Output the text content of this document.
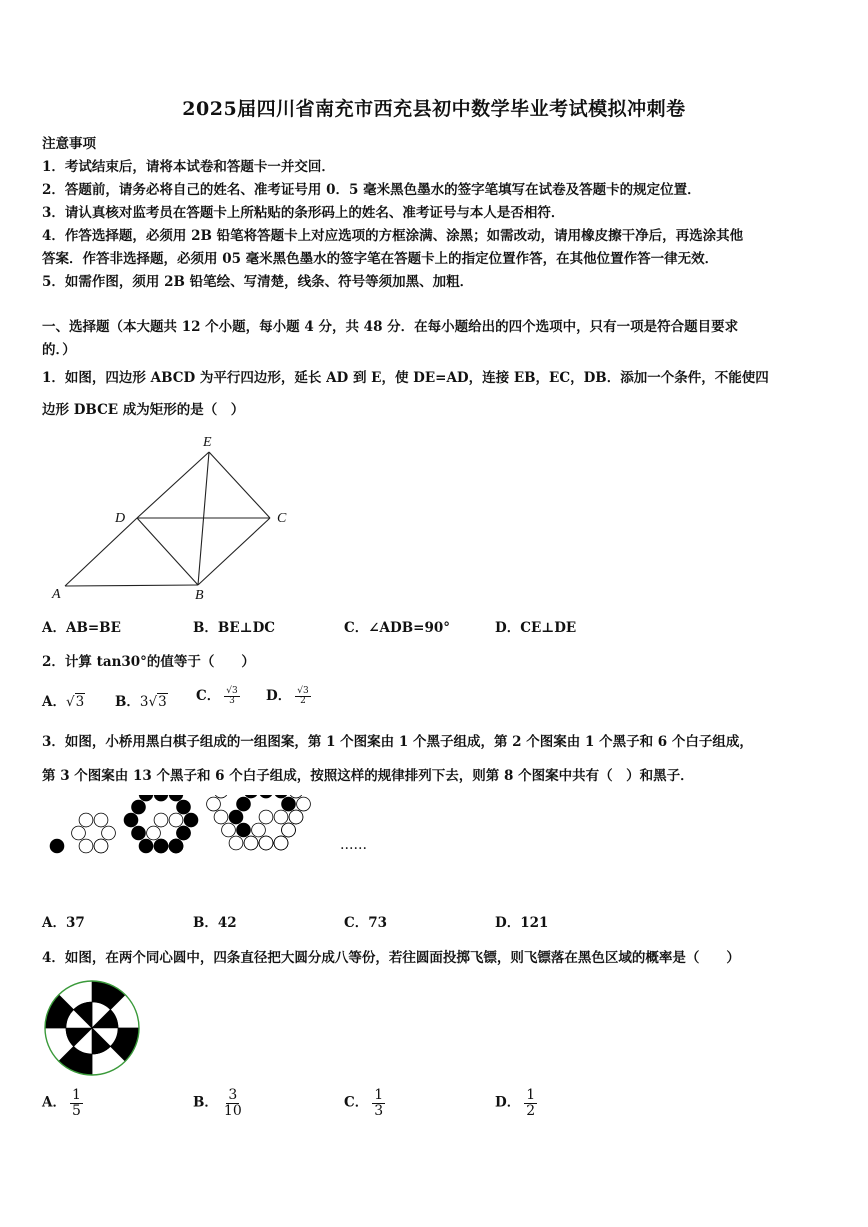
2025届四川省南充市西充县初中数学毕业考试模拟冲刺卷
注意事项
1．考试结束后，请将本试卷和答题卡一并交回．
2．答题前，请务必将自己的姓名、准考证号用 0．5 毫米黑色墨水的签字笔填写在试卷及答题卡的规定位置．
3．请认真核对监考员在答题卡上所粘贴的条形码上的姓名、准考证号与本人是否相符．
4．作答选择题，必须用 2B 铅笔将答题卡上对应选项的方框涂满、涂黑；如需改动，请用橡皮擦干净后，再选涂其他
答案．作答非选择题，必须用 05 毫米黑色墨水的签字笔在答题卡上的指定位置作答，在其他位置作答一律无效．
5．如需作图，须用 2B 铅笔绘、写清楚，线条、符号等须加黑、加粗．
一、选择题（本大题共 12 个小题，每小题 4 分，共 48 分．在每小题给出的四个选项中，只有一项是符合题目要求
的．）
1．如图，四边形 ABCD 为平行四边形，延长 AD 到 E，使 DE=AD，连接 EB，EC，DB．添加一个条件，不能使四
边形 DBCE 成为矩形的是（　）
E
D	C
A	B
A．AB=BE	B．BE⊥DC	C．∠ADB=90°	D．CE⊥DE
2．计算 tan30°的值等于（　　）
A．√3 B．3√3 C． $\frac{√3}{3}$ D． $\frac{√3}{2}$
3．如图，小桥用黑白棋子组成的一组图案，第 1 个图案由 1 个黑子组成，第 2 个图案由 1 个黑子和 6 个白子组成，
第 3 个图案由 13 个黑子和 6 个白子组成，按照这样的规律排列下去，则第 8 个图案中共有（　）和黑子．
……
A．37	B．42	C．73	D．121
4．如图，在两个同心圆中，四条直径把大圆分成八等份，若往圆面投掷飞镖，则飞镖落在黑色区域的概率是（　　）
A． $\frac{1}{5}$	B． $\frac{3}{10}$	C． $\frac{1}{3}$	D． $\frac{1}{2}$
